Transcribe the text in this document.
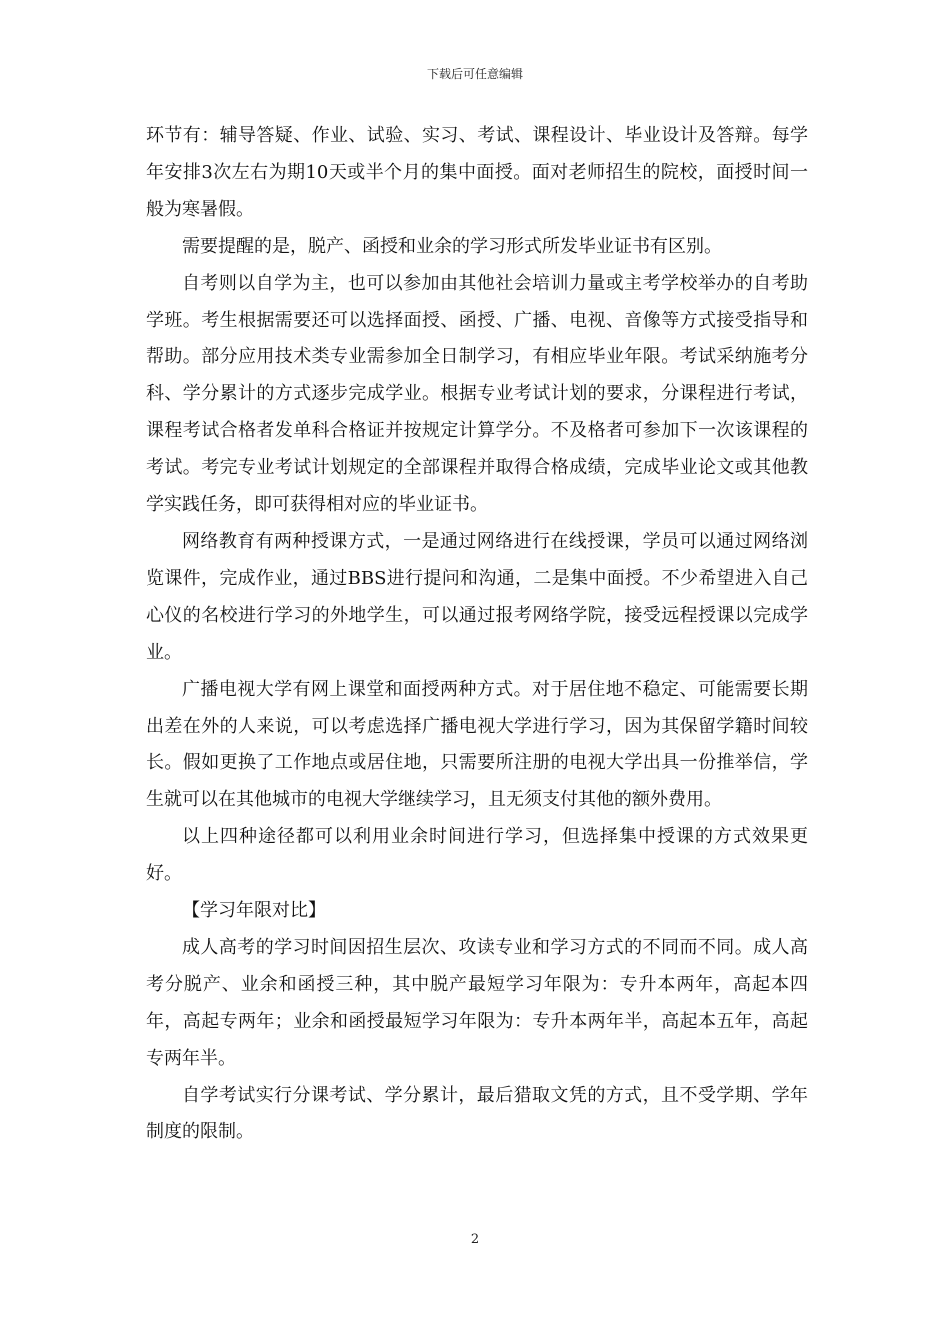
下载后可任意编辑

环节有：辅导答疑、作业、试验、实习、考试、课程设计、毕业设计及答辩。每学年安排3次左右为期10天或半个月的集中面授。面对老师招生的院校，面授时间一般为寒暑假。

需要提醒的是，脱产、函授和业余的学习形式所发毕业证书有区别。

自考则以自学为主，也可以参加由其他社会培训力量或主考学校举办的自考助学班。考生根据需要还可以选择面授、函授、广播、电视、音像等方式接受指导和帮助。部分应用技术类专业需参加全日制学习，有相应毕业年限。考试采纳施考分科、学分累计的方式逐步完成学业。根据专业考试计划的要求，分课程进行考试，课程考试合格者发单科合格证并按规定计算学分。不及格者可参加下一次该课程的考试。考完专业考试计划规定的全部课程并取得合格成绩，完成毕业论文或其他教学实践任务，即可获得相对应的毕业证书。

网络教育有两种授课方式，一是通过网络进行在线授课，学员可以通过网络浏览课件，完成作业，通过BBS进行提问和沟通，二是集中面授。不少希望进入自己心仪的名校进行学习的外地学生，可以通过报考网络学院，接受远程授课以完成学业。

广播电视大学有网上课堂和面授两种方式。对于居住地不稳定、可能需要长期出差在外的人来说，可以考虑选择广播电视大学进行学习，因为其保留学籍时间较长。假如更换了工作地点或居住地，只需要所注册的电视大学出具一份推举信，学生就可以在其他城市的电视大学继续学习，且无须支付其他的额外费用。

以上四种途径都可以利用业余时间进行学习，但选择集中授课的方式效果更好。

【学习年限对比】

成人高考的学习时间因招生层次、攻读专业和学习方式的不同而不同。成人高考分脱产、业余和函授三种，其中脱产最短学习年限为：专升本两年，高起本四年，高起专两年；业余和函授最短学习年限为：专升本两年半，高起本五年，高起专两年半。

自学考试实行分课考试、学分累计，最后猎取文凭的方式，且不受学期、学年制度的限制。

2
